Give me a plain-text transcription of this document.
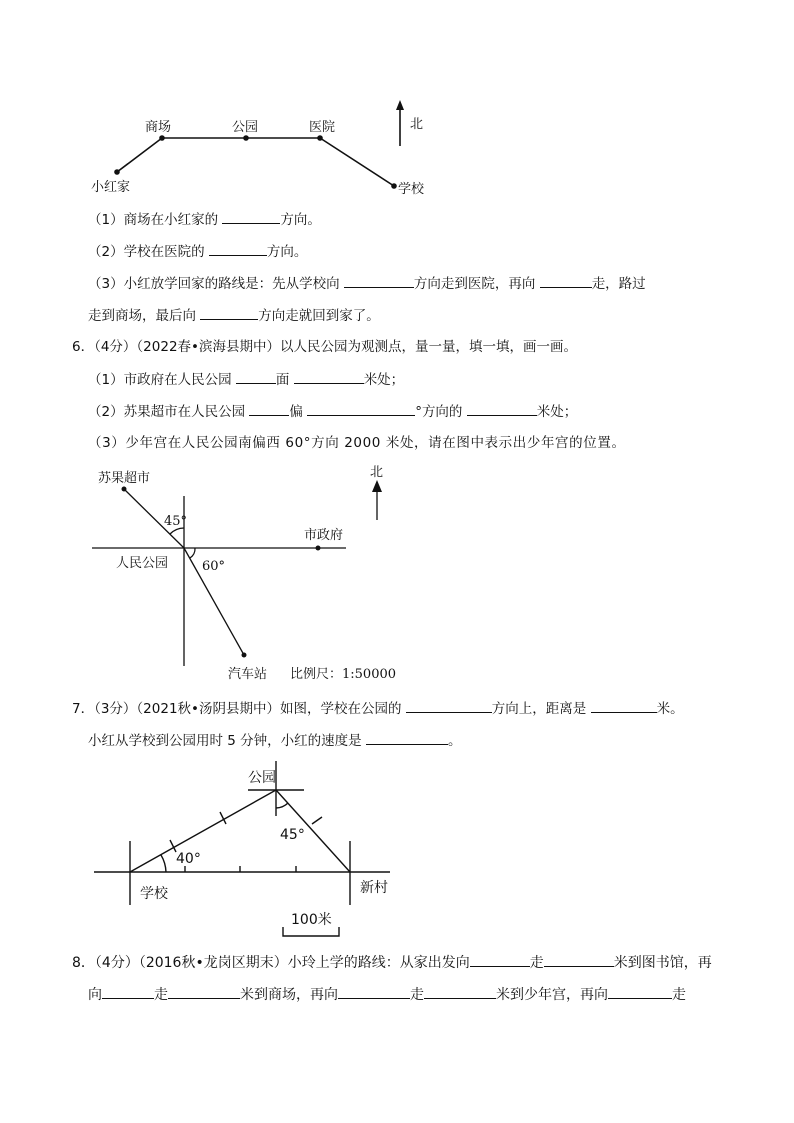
商场	公园	医院
小红家	学校
北
苏果超市
45°
市政府
人民公园	60°
汽车站 比例尺：1:50000
北
公园
学校	新村
40°
45°
100米
（1）商场在小红家的	方向。
（2）学校在医院的	方向。
（3）小红放学回家的路线是：先从学校向	方向走到医院，再向	走，路过
走到商场，最后向	方向走就回到家了。
6．（4分）（2022春•滨海县期中）以人民公园为观测点，量一量，填一填，画一画。
（1）市政府在人民公园	面	米处；
（2）苏果超市在人民公园	偏	°方向的	米处；
（3）少年宫在人民公园南偏西 60°方向 2000 米处，请在图中表示出少年宫的位置。
7．（3分）（2021秋•汤阴县期中）如图，学校在公园的	方向上，距离是	米。
小红从学校到公园用时 5 分钟，小红的速度是	。
8．（4分）（2016秋•龙岗区期末）小玲上学的路线：从家出发向	走	米到图书馆，再
向	走	米到商场，再向	走	米到少年宫，再向	走
